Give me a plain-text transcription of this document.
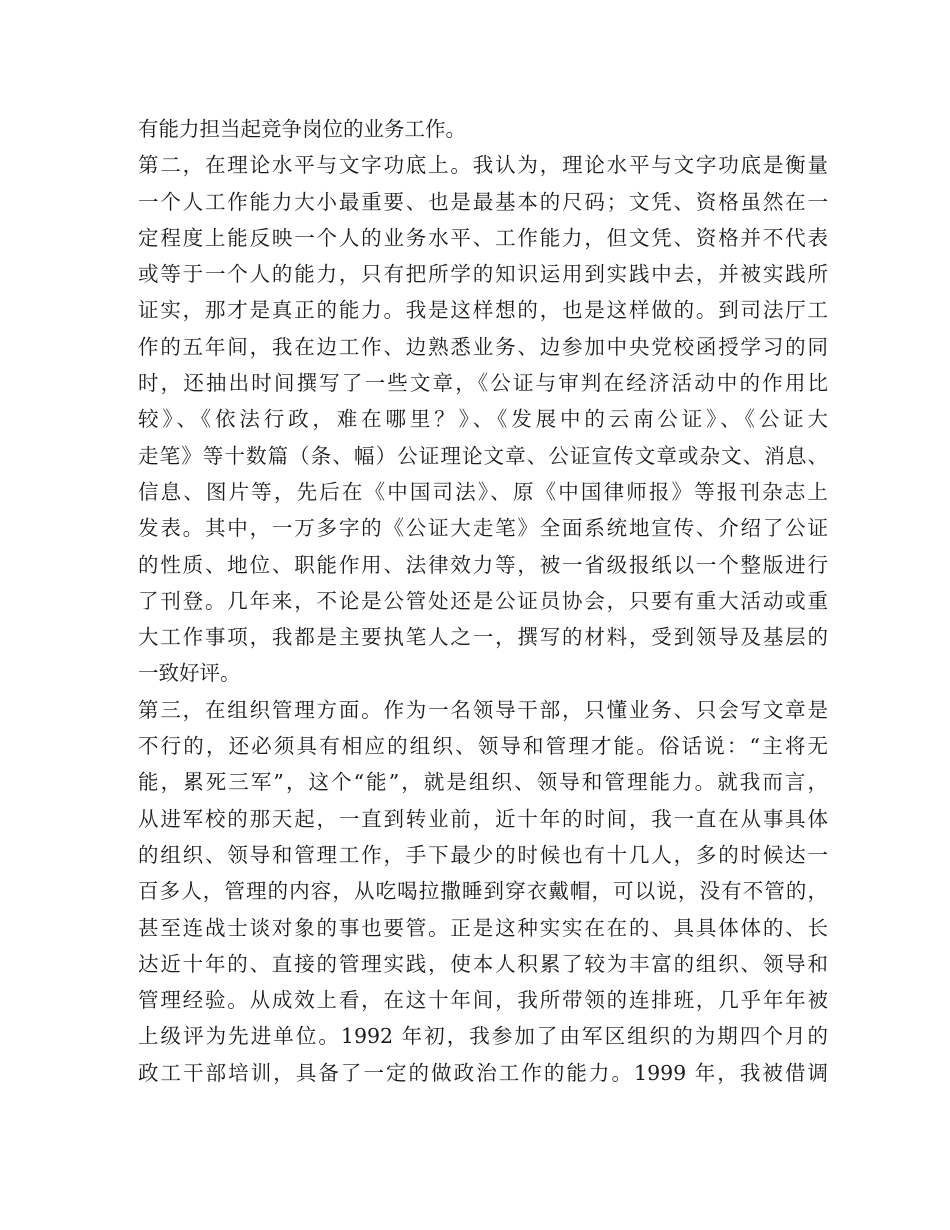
有能力担当起竞争岗位的业务工作。
第二，在理论水平与文字功底上。我认为，理论水平与文字功底是衡量
一个人工作能力大小最重要、也是最基本的尺码；文凭、资格虽然在一
定程度上能反映一个人的业务水平、工作能力，但文凭、资格并不代表
或等于一个人的能力，只有把所学的知识运用到实践中去，并被实践所
证实，那才是真正的能力。我是这样想的，也是这样做的。到司法厅工
作的五年间，我在边工作、边熟悉业务、边参加中央党校函授学习的同
时，还抽出时间撰写了一些文章，《公证与审判在经济活动中的作用比
较》、《依法行政，难在哪里？》、《发展中的云南公证》、《公证大
走笔》等十数篇（条、幅）公证理论文章、公证宣传文章或杂文、消息、
信息、图片等，先后在《中国司法》、原《中国律师报》等报刊杂志上
发表。其中，一万多字的《公证大走笔》全面系统地宣传、介绍了公证
的性质、地位、职能作用、法律效力等，被一省级报纸以一个整版进行
了刊登。几年来，不论是公管处还是公证员协会，只要有重大活动或重
大工作事项，我都是主要执笔人之一，撰写的材料，受到领导及基层的
一致好评。
第三，在组织管理方面。作为一名领导干部，只懂业务、只会写文章是
不行的，还必须具有相应的组织、领导和管理才能。俗话说：“主将无
能，累死三军”，这个“能”，就是组织、领导和管理能力。就我而言，
从进军校的那天起，一直到转业前，近十年的时间，我一直在从事具体
的组织、领导和管理工作，手下最少的时候也有十几人，多的时候达一
百多人，管理的内容，从吃喝拉撒睡到穿衣戴帽，可以说，没有不管的，
甚至连战士谈对象的事也要管。正是这种实实在在的、具具体体的、长
达近十年的、直接的管理实践，使本人积累了较为丰富的组织、领导和
管理经验。从成效上看，在这十年间，我所带领的连排班，几乎年年被
上级评为先进单位。1992 年初，我参加了由军区组织的为期四个月的
政工干部培训，具备了一定的做政治工作的能力。1999 年，我被借调
